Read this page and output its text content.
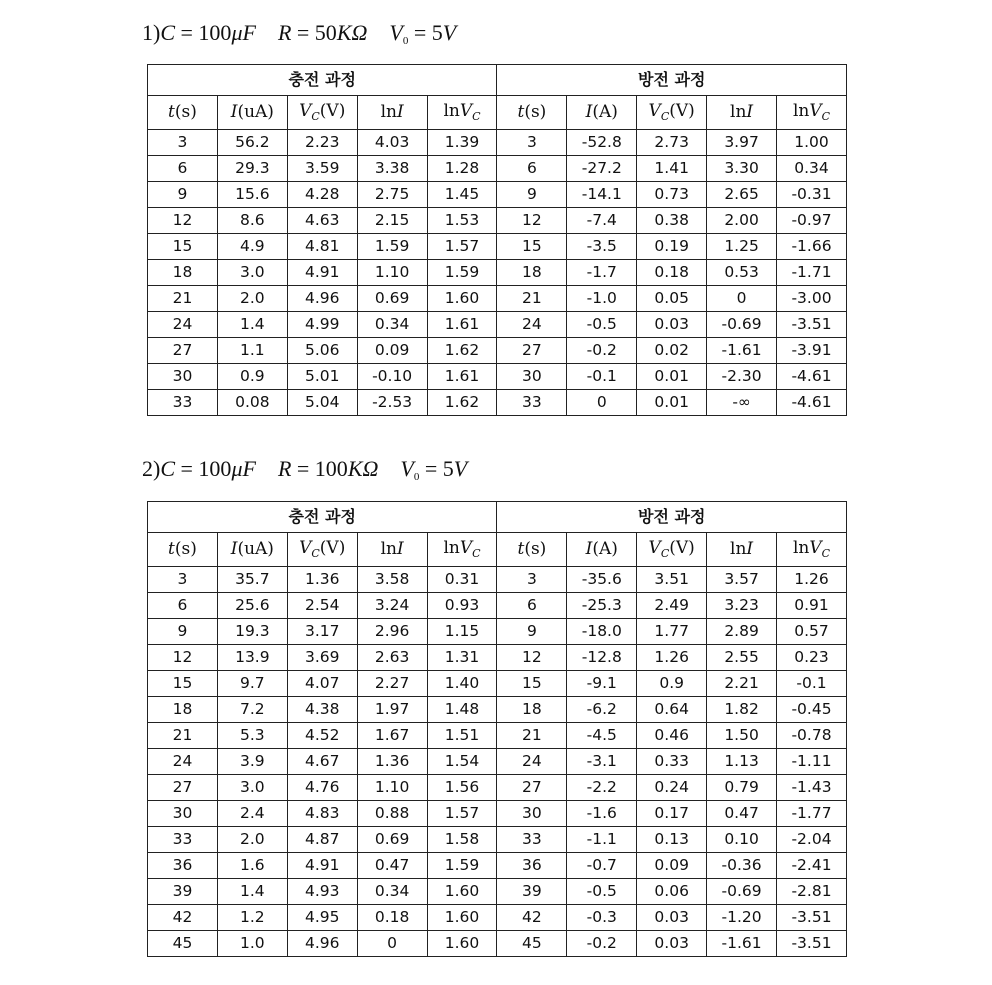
1)C = 100μF R = 50KΩ $V_0 = 5V$
충전 과정					방전 과정				
t(s)	I(uA)	$V_C(V)$	lnI	lnV$_C$	t(s)	I(A)	$V_C(V)$	lnI	lnV$_C$
3	56.2	2.23	4.03	1.39	3	-52.8	2.73	3.97	1.00
6	29.3	3.59	3.38	1.28	6	-27.2	1.41	3.30	0.34
9	15.6	4.28	2.75	1.45	9	-14.1	0.73	2.65	-0.31
12	8.6	4.63	2.15	1.53	12	-7.4	0.38	2.00	-0.97
15	4.9	4.81	1.59	1.57	15	-3.5	0.19	1.25	-1.66
18	3.0	4.91	1.10	1.59	18	-1.7	0.18	0.53	-1.71
21	2.0	4.96	0.69	1.60	21	-1.0	0.05	0	-3.00
24	1.4	4.99	0.34	1.61	24	-0.5	0.03	-0.69	-3.51
27	1.1	5.06	0.09	1.62	27	-0.2	0.02	-1.61	-3.91
30	0.9	5.01	-0.10	1.61	30	-0.1	0.01	-2.30	-4.61
33	0.08	5.04	-2.53	1.62	33	0	0.01	-∞	-4.61
2)C = 100μF R = 100KΩ $V_0 = 5V$
충전 과정					방전 과정				
t(s)	I(uA)	$V_C(V)$	lnI	lnV$_C$	t(s)	I(A)	$V_C(V)$	lnI	lnV$_C$
3	35.7	1.36	3.58	0.31	3	-35.6	3.51	3.57	1.26
6	25.6	2.54	3.24	0.93	6	-25.3	2.49	3.23	0.91
9	19.3	3.17	2.96	1.15	9	-18.0	1.77	2.89	0.57
12	13.9	3.69	2.63	1.31	12	-12.8	1.26	2.55	0.23
15	9.7	4.07	2.27	1.40	15	-9.1	0.9	2.21	-0.1
18	7.2	4.38	1.97	1.48	18	-6.2	0.64	1.82	-0.45
21	5.3	4.52	1.67	1.51	21	-4.5	0.46	1.50	-0.78
24	3.9	4.67	1.36	1.54	24	-3.1	0.33	1.13	-1.11
27	3.0	4.76	1.10	1.56	27	-2.2	0.24	0.79	-1.43
30	2.4	4.83	0.88	1.57	30	-1.6	0.17	0.47	-1.77
33	2.0	4.87	0.69	1.58	33	-1.1	0.13	0.10	-2.04
36	1.6	4.91	0.47	1.59	36	-0.7	0.09	-0.36	-2.41
39	1.4	4.93	0.34	1.60	39	-0.5	0.06	-0.69	-2.81
42	1.2	4.95	0.18	1.60	42	-0.3	0.03	-1.20	-3.51
45	1.0	4.96	0	1.60	45	-0.2	0.03	-1.61	-3.51
